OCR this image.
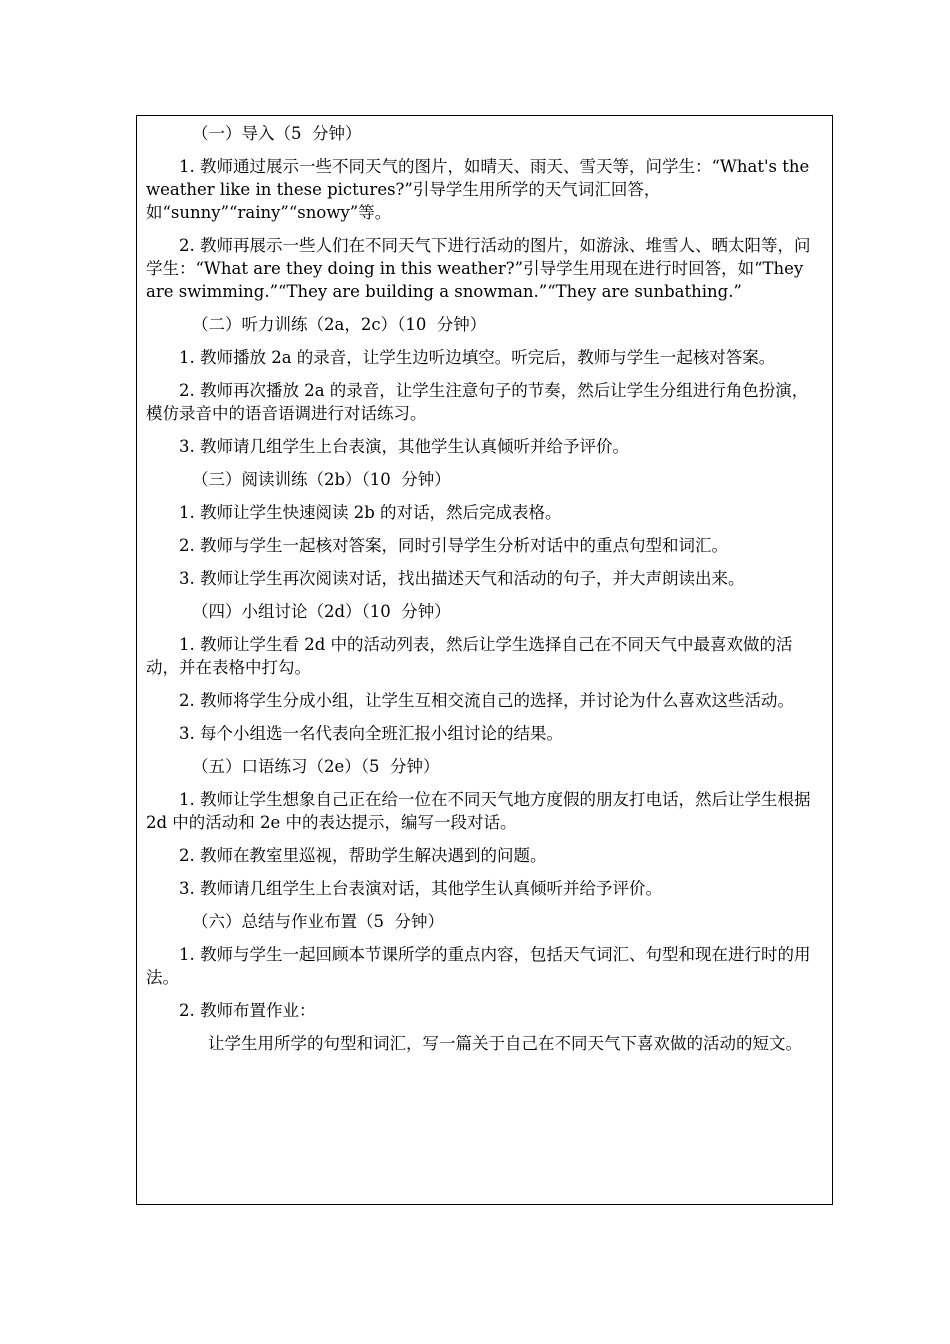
（一）导入（5  分钟）

1. 教师通过展示一些不同天气的图片，如晴天、雨天、雪天等，问学生：“What's the weather like in these pictures?”引导学生用所学的天气词汇回答，如“sunny”“rainy”“snowy”等。

2. 教师再展示一些人们在不同天气下进行活动的图片，如游泳、堆雪人、晒太阳等，问学生：“What are they doing in this weather?”引导学生用现在进行时回答，如“They are swimming.”“They are building a snowman.”“They are sunbathing.”

（二）听力训练（2a，2c）（10  分钟）

1. 教师播放 2a 的录音，让学生边听边填空。听完后，教师与学生一起核对答案。

2. 教师再次播放 2a 的录音，让学生注意句子的节奏，然后让学生分组进行角色扮演，模仿录音中的语音语调进行对话练习。

3. 教师请几组学生上台表演，其他学生认真倾听并给予评价。

（三）阅读训练（2b）（10  分钟）

1. 教师让学生快速阅读 2b 的对话，然后完成表格。

2. 教师与学生一起核对答案，同时引导学生分析对话中的重点句型和词汇。

3. 教师让学生再次阅读对话，找出描述天气和活动的句子，并大声朗读出来。

（四）小组讨论（2d）（10  分钟）

1. 教师让学生看 2d 中的活动列表，然后让学生选择自己在不同天气中最喜欢做的活动，并在表格中打勾。

2. 教师将学生分成小组，让学生互相交流自己的选择，并讨论为什么喜欢这些活动。

3. 每个小组选一名代表向全班汇报小组讨论的结果。

（五）口语练习（2e）（5  分钟）

1. 教师让学生想象自己正在给一位在不同天气地方度假的朋友打电话，然后让学生根据 2d 中的活动和 2e 中的表达提示，编写一段对话。

2. 教师在教室里巡视，帮助学生解决遇到的问题。

3. 教师请几组学生上台表演对话，其他学生认真倾听并给予评价。

（六）总结与作业布置（5  分钟）

1. 教师与学生一起回顾本节课所学的重点内容，包括天气词汇、句型和现在进行时的用法。

2. 教师布置作业：

让学生用所学的句型和词汇，写一篇关于自己在不同天气下喜欢做的活动的短文。
